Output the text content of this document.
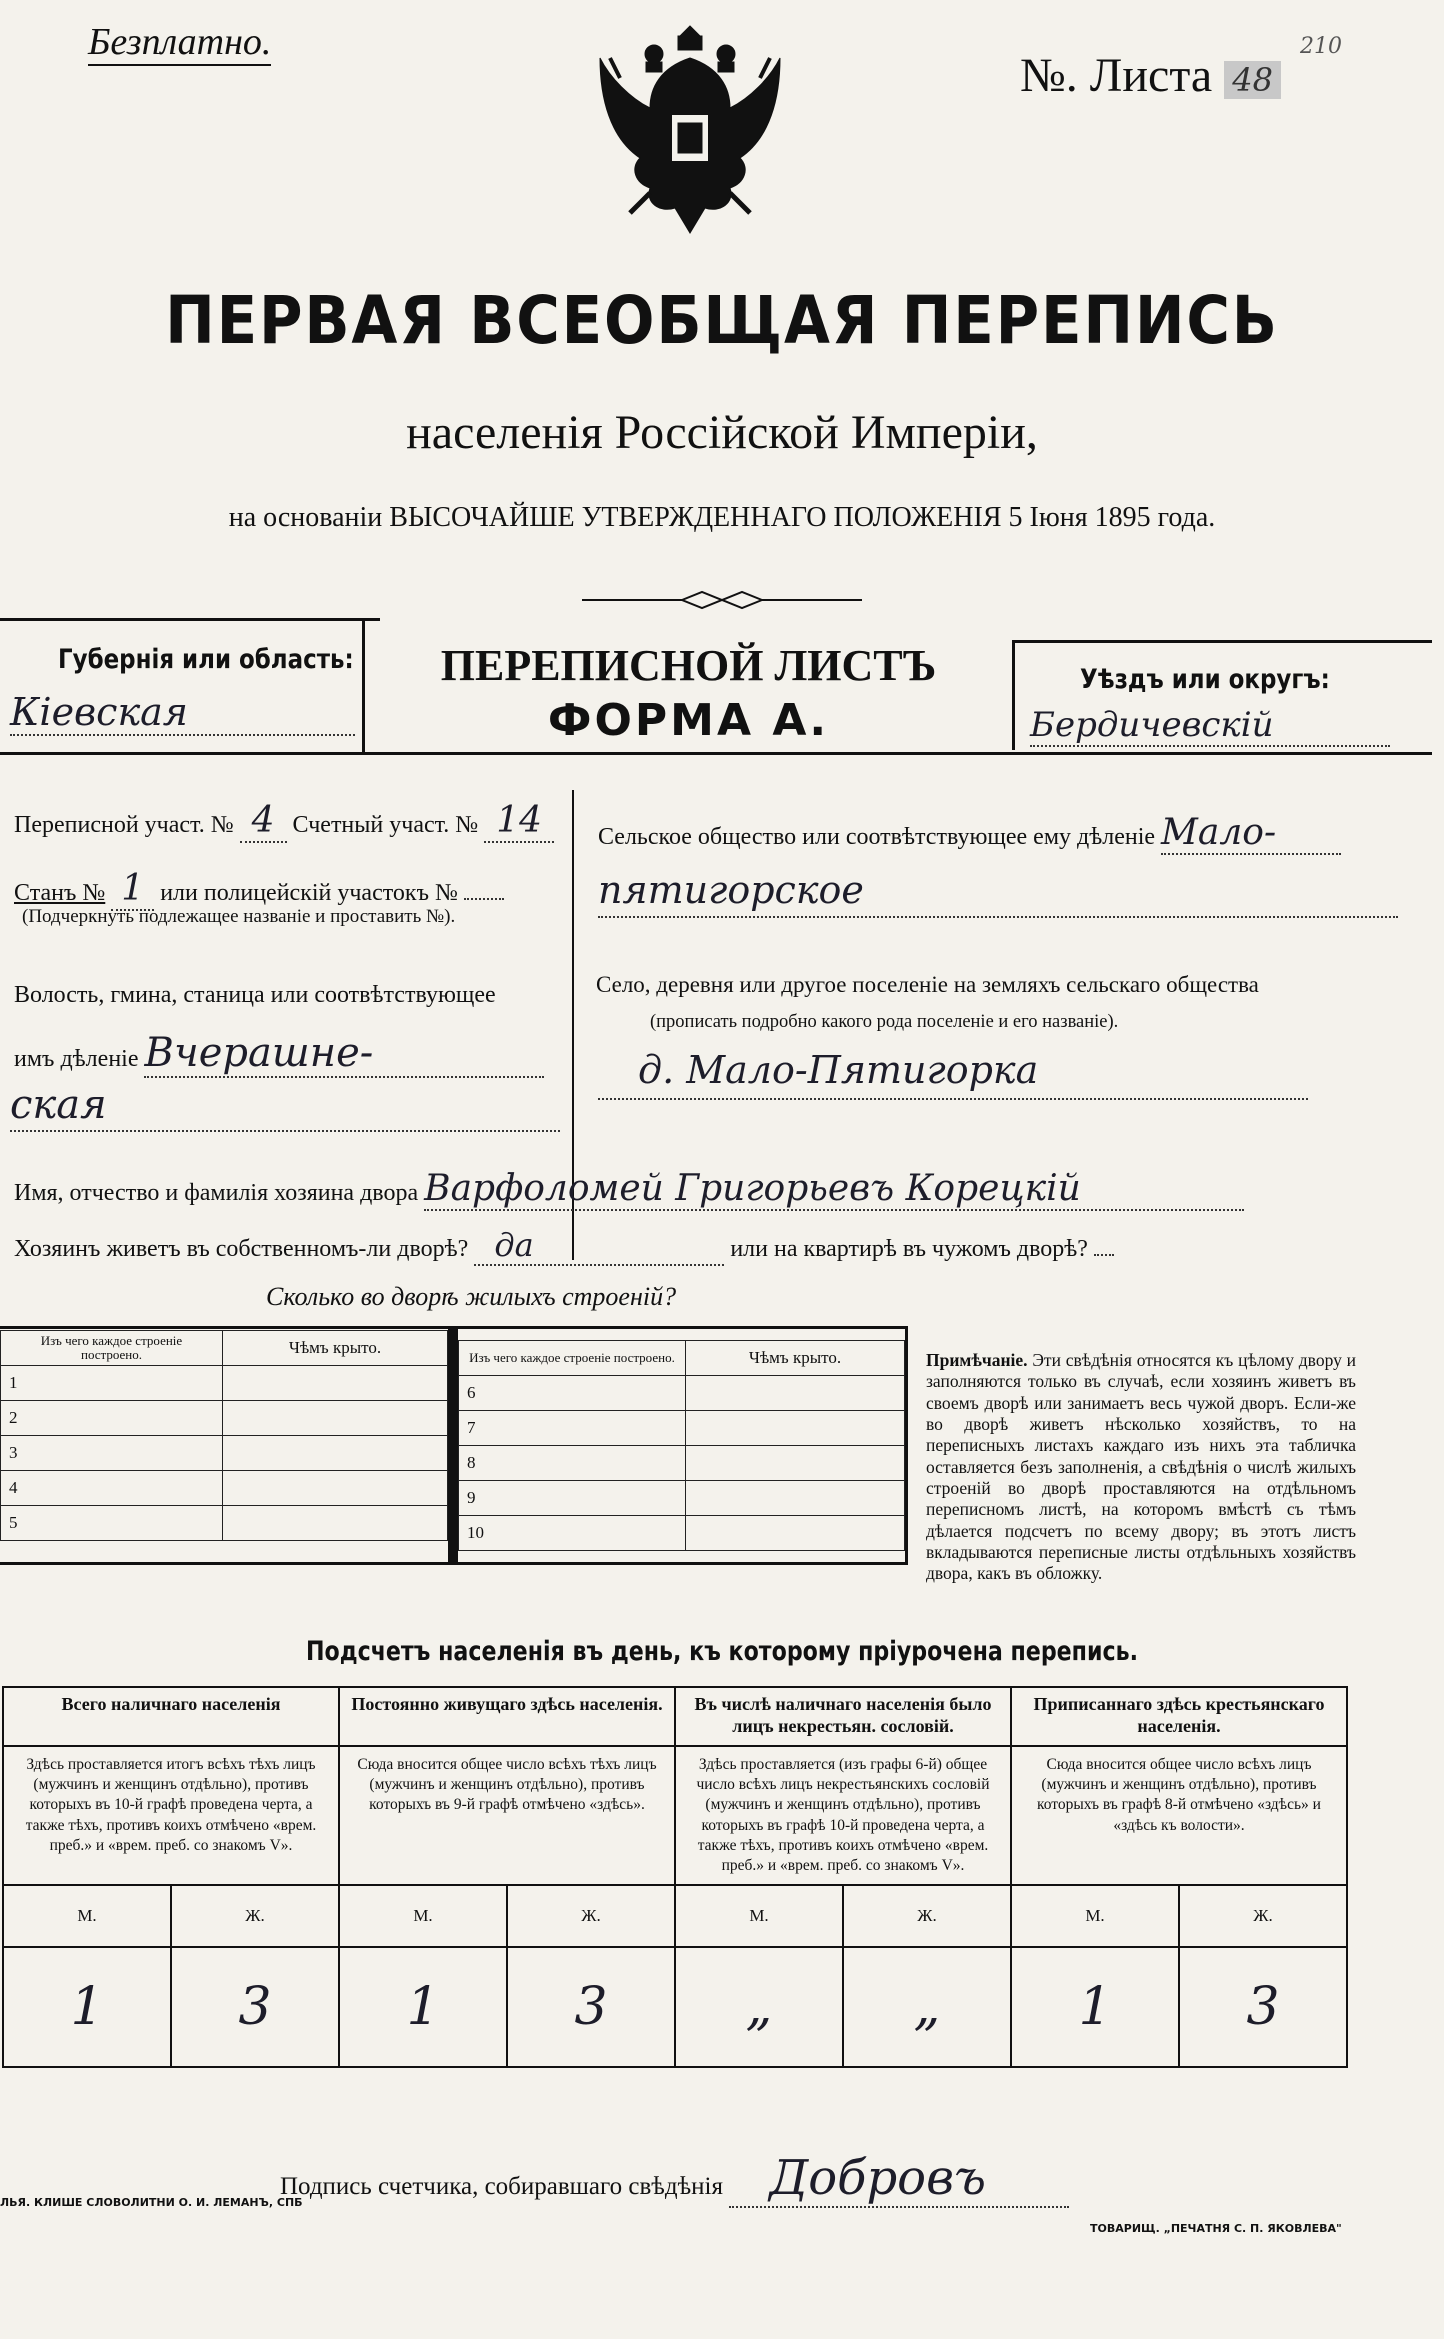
Безплатно.
№. Листа 48
210
ПЕРВАЯ ВСЕОБЩАЯ ПЕРЕПИСЬ
населенія Россійской Имперіи,
на основаніи ВЫСОЧАЙШЕ УТВЕРЖДЕННАГО ПОЛОЖЕНІЯ 5 Іюня 1895 года.
Губернія или область:
Кіевская
ПЕРЕПИСНОЙ ЛИСТЪ
ФОРМА А.
Уѣздъ или округъ:
Бердичевскій
Переписной участ. № 4 Счетный участ. № 14
Станъ № 1 или полицейскій участокъ №
(Подчеркнуть подлежащее названіе и проставить №).
Волость, гмина, станица или соотвѣтствующее
имъ дѣленіе Вчерашне-
ская
Сельское общество или соотвѣтствующее ему дѣленіе Мало-
пятигорское
Село, деревня или другое поселеніе на земляхъ сельскаго общества
(прописать подробно какого рода поселеніе и его названіе).
д. Мало-Пятигорка
Имя, отчество и фамилія хозяина двора Варфоломей Григорьевъ Корецкій
Хозяинъ живетъ въ собственномъ-ли дворѣ? да	или на квартирѣ въ чужомъ дворѣ?
Сколько во дворѣ жилыхъ строеній?
Изъ чего каждое строеніе построено.	Чѣмъ крыто.
1	
2	
3	
4	
5	
Изъ чего каждое строеніе построено.	Чѣмъ крыто.
6	
7	
8	
9	
10	
Примѣчаніе. Эти свѣдѣнія относятся къ цѣлому двору и заполняются только въ случаѣ, если хозяинъ живетъ въ своемъ дворѣ или занимаетъ весь чужой дворъ. Если-же во дворѣ живетъ нѣсколько хозяйствъ, то на переписныхъ листахъ каждаго изъ нихъ эта табличка оставляется безъ заполненія, а свѣдѣнія о числѣ жилыхъ строеній во дворѣ проставляются на отдѣльномъ переписномъ листѣ, на которомъ вмѣстѣ съ тѣмъ дѣлается подсчетъ по всему двору; въ этотъ листъ вкладываются переписные листы отдѣльныхъ хозяйствъ двора, какъ въ обложку.
Подсчетъ населенія въ день, къ которому пріурочена перепись.
Всего наличнаго населенія		Постоянно живущаго здѣсь населенія.		Въ числѣ наличнаго населенія было лицъ некрестьян. сословій.		Приписаннаго здѣсь крестьянскаго населенія.	
Здѣсь проставляется итогъ всѣхъ тѣхъ лицъ (мужчинъ и женщинъ отдѣльно), противъ которыхъ въ 10-й графѣ проведена черта, а также тѣхъ, противъ коихъ отмѣчено «врем. преб.» и «врем. преб. со знакомъ V».		Сюда вносится общее число всѣхъ тѣхъ лицъ (мужчинъ и женщинъ отдѣльно), противъ которыхъ въ 9-й графѣ отмѣчено «здѣсь».		Здѣсь проставляется (изъ графы 6-й) общее число всѣхъ лицъ некрестьянскихъ сословій (мужчинъ и женщинъ отдѣльно), противъ которыхъ въ графѣ 10-й проведена черта, а также тѣхъ, противъ коихъ отмѣчено «врем. преб.» и «врем. преб. со знакомъ V».		Сюда вносится общее число всѣхъ лицъ (мужчинъ и женщинъ отдѣльно), противъ которыхъ въ графѣ 8-й отмѣчено «здѣсь» и «здѣсь къ волости».	
М.	Ж.	М.	Ж.	М.	Ж.	М.	Ж.
1	3	1	3	„	„	1	3
Подпись счетчика, собиравшаго свѣдѣнія Добровъ
ЛЬЯ. КЛИШЕ СЛОВОЛИТНИ О. И. ЛЕМАНЪ, СПБ
ТОВАРИЩ. „ПЕЧАТНЯ С. П. ЯКОВЛЕВА"
